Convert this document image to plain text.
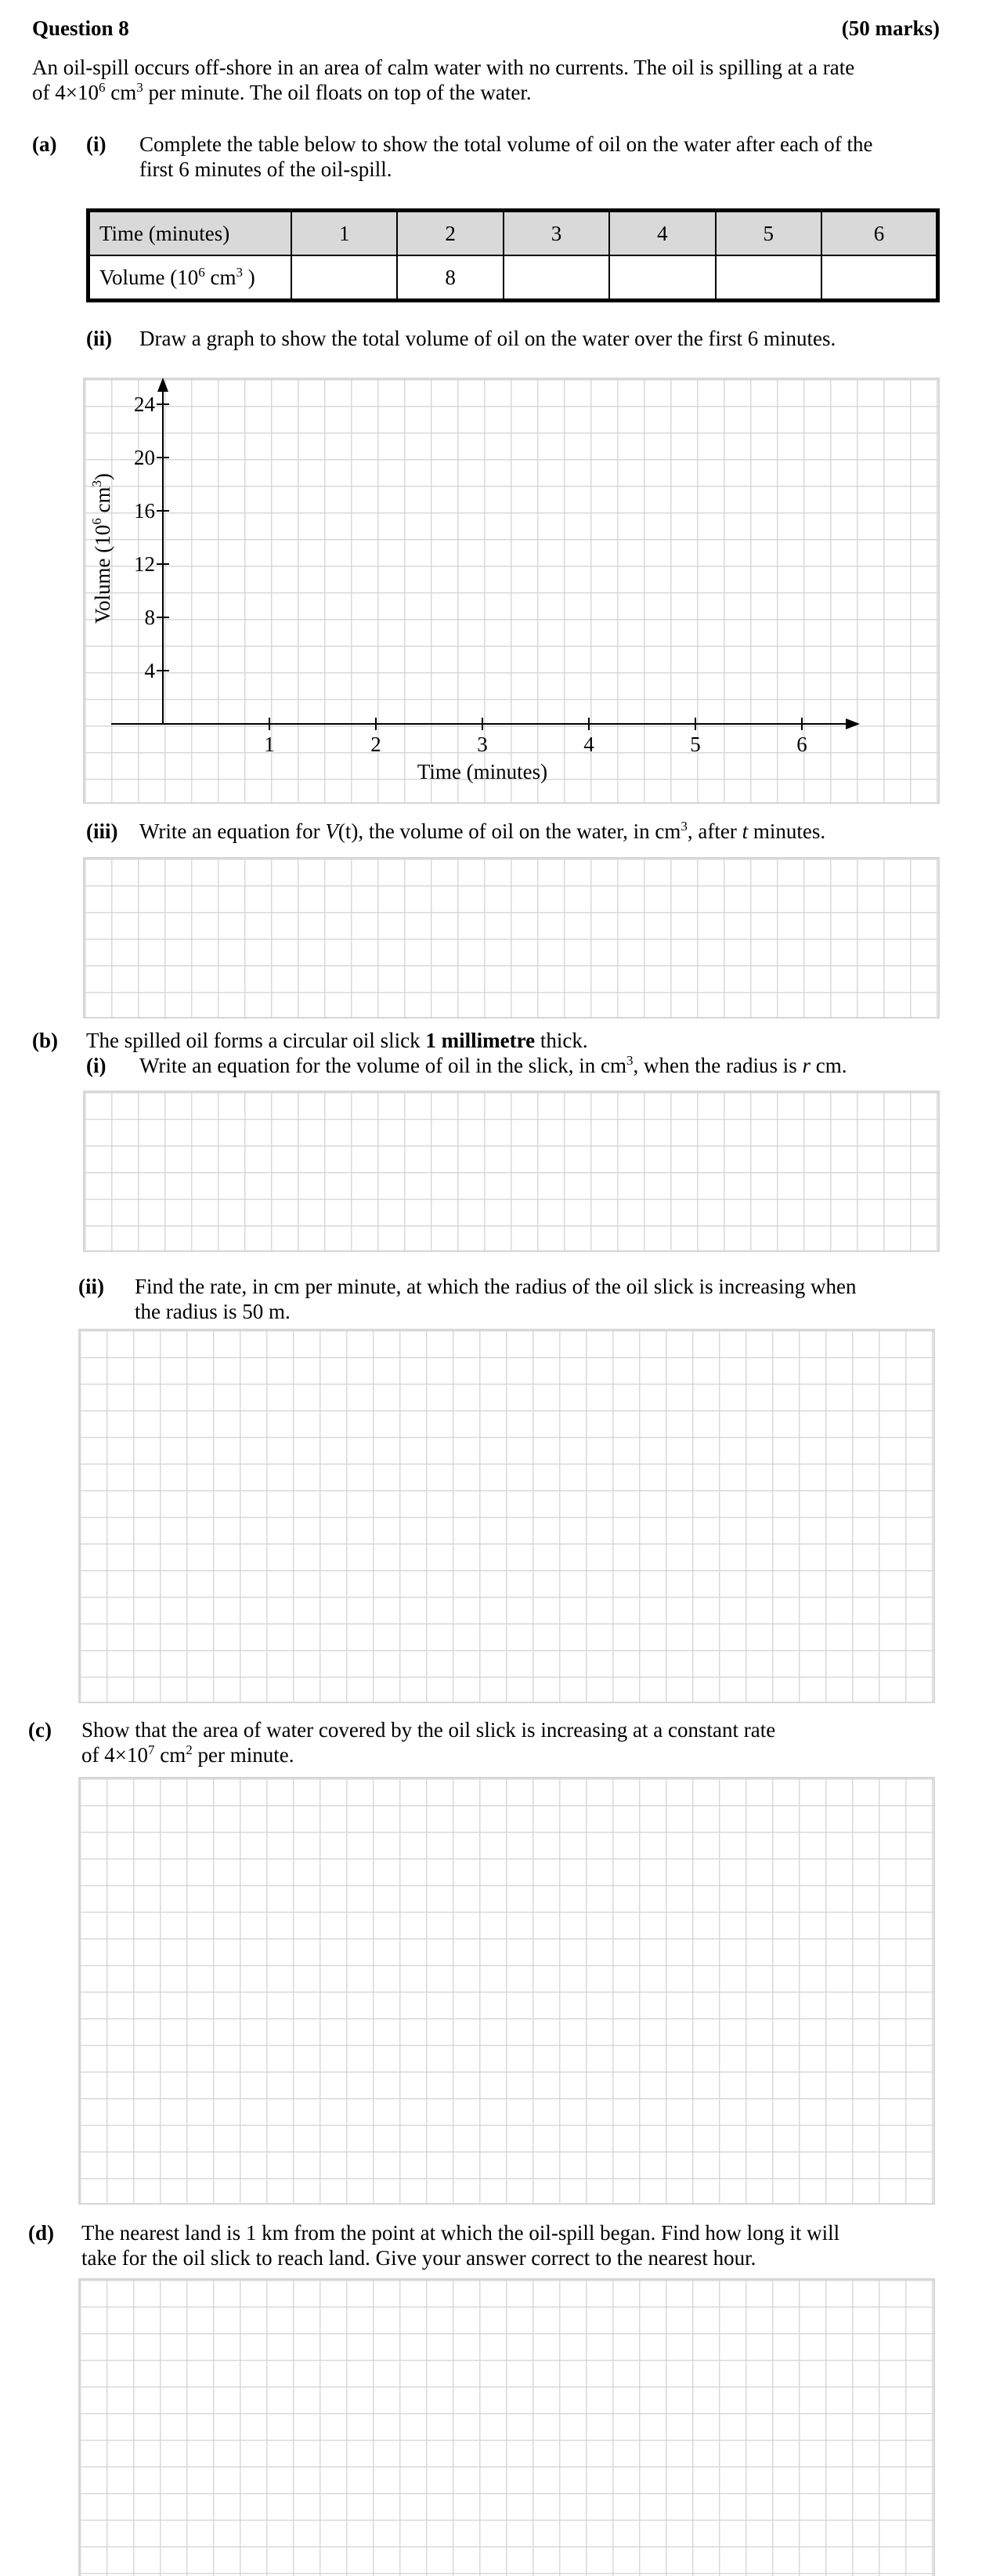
Question 8	(50 marks)
An oil-spill occurs off-shore in an area of calm water with no currents. The oil is spilling at a rate
of $4\times 10^6$ $cm^3$ per minute. The oil floats on top of the water.
(a) (i) Complete the table below to show the total volume of oil on the water after each of the
first 6 minutes of the oil-spill.
Time (minutes)	1	2	3	4	5	6
Volume ($10^6$ $cm^3$ )		8				
(ii) Draw a graph to show the total volume of oil on the water over the first 6 minutes.
1	2	3	4	5	6
4
8
12
16
20
24
Time (minutes)
Volume ($10^6$ $cm^3$)
(iii) Write an equation for V(t), the volume of oil on the water, in $cm^3$, after t minutes.
(b) The spilled oil forms a circular oil slick 1 millimetre thick.
(i) Write an equation for the volume of oil in the slick, in $cm^3$, when the radius is r cm.
(ii) Find the rate, in cm per minute, at which the radius of the oil slick is increasing when
the radius is 50 m.
(c) Show that the area of water covered by the oil slick is increasing at a constant rate
of $4\times 10^7$ $cm^2$ per minute.
(d) The nearest land is 1 km from the point at which the oil-spill began. Find how long it will
take for the oil slick to reach land. Give your answer correct to the nearest hour.
